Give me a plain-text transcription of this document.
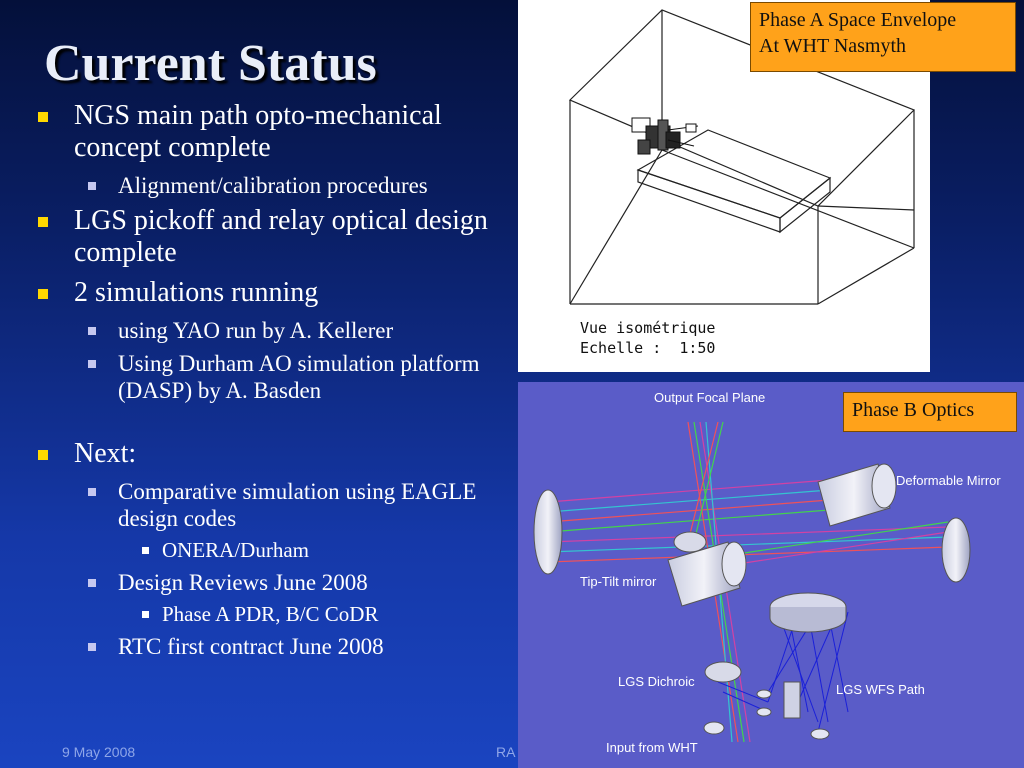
Current Status
NGS main path opto-mechanical concept complete
Alignment/calibration procedures
LGS pickoff and relay optical design complete
2 simulations running
using YAO run by A. Kellerer
Using Durham AO simulation platform (DASP) by A. Basden
Next:
Comparative simulation using EAGLE design codes
ONERA/Durham
Design Reviews June 2008
Phase A PDR, B/C CoDR
RTC first contract June 2008
Vue isométrique
Echelle :  1:50
Phase A Space Envelope
At WHT Nasmyth
Output Focal Plane
Deformable Mirror
Tip-Tilt mirror
LGS Dichroic
LGS WFS Path
Input from WHT
Phase B Optics
9 May 2008	RA
